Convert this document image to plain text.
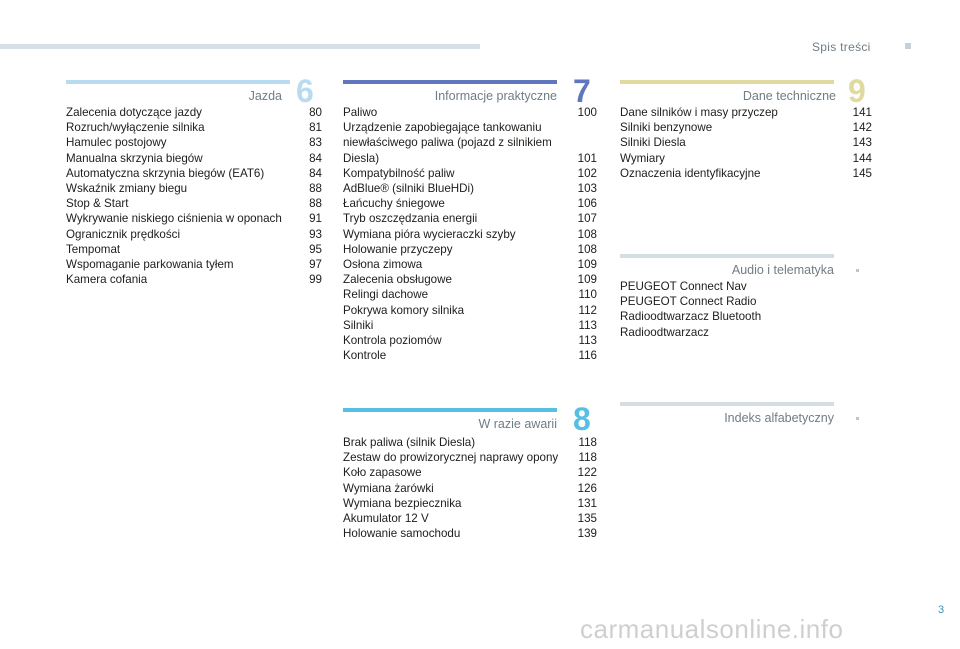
Spis treści
Jazda 6
Zalecenia dotyczące jazdy	80
Rozruch/wyłączenie silnika	81
Hamulec postojowy	83
Manualna skrzynia biegów	84
Automatyczna skrzynia biegów (EAT6)	84
Wskaźnik zmiany biegu	88
Stop & Start	88
Wykrywanie niskiego ciśnienia w oponach	91
Ogranicznik prędkości	93
Tempomat	95
Wspomaganie parkowania tyłem	97
Kamera cofania	99
Informacje praktyczne 7
Paliwo	100
Urządzenie zapobiegające tankowaniu
niewłaściwego paliwa (pojazd z silnikiem
Diesla)	101
Kompatybilność paliw	102
AdBlue® (silniki BlueHDi)	103
Łańcuchy śniegowe	106
Tryb oszczędzania energii	107
Wymiana pióra wycieraczki szyby	108
Holowanie przyczepy	108
Osłona zimowa	109
Zalecenia obsługowe	109
Relingi dachowe	110
Pokrywa komory silnika	112
Silniki	113
Kontrola poziomów	113
Kontrole	116
W razie awarii 8
Brak paliwa (silnik Diesla)	118
Zestaw do prowizorycznej naprawy opony 118
Koło zapasowe	122
Wymiana żarówki	126
Wymiana bezpiecznika	131
Akumulator 12 V	135
Holowanie samochodu	139
Dane techniczne 9
Dane silników i masy przyczep	141
Silniki benzynowe	142
Silniki Diesla	143
Wymiary	144
Oznaczenia identyfikacyjne	145
Audio i telematyka
PEUGEOT Connect Nav
PEUGEOT Connect Radio
Radioodtwarzacz Bluetooth
Radioodtwarzacz
Indeks alfabetyczny
3
carmanualsonline.info
